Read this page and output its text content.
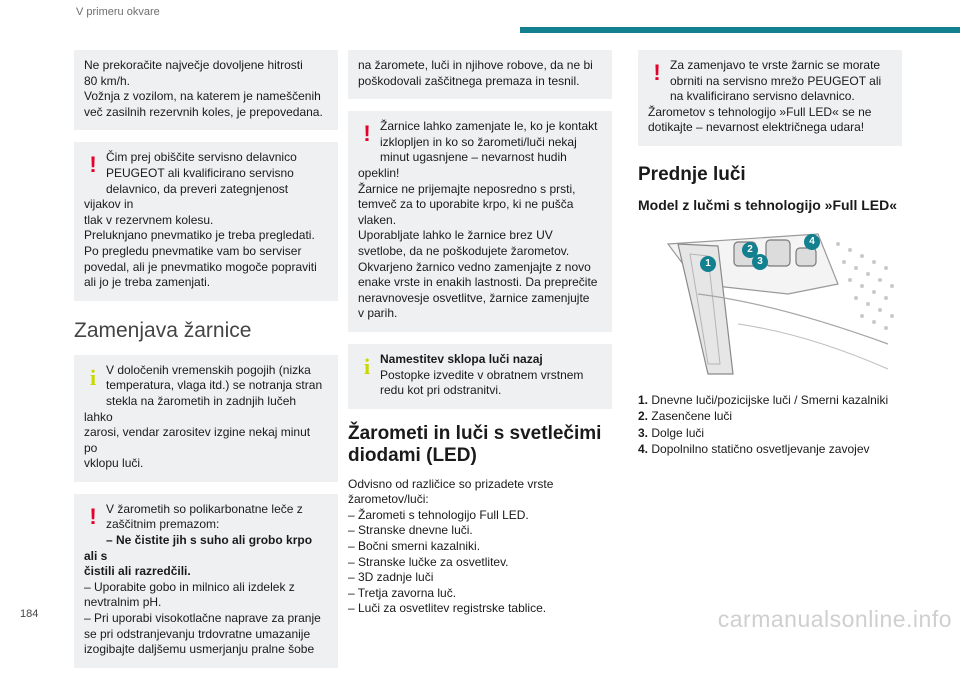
V primeru okvare

Ne prekoračite največje dovoljene hitrosti

80 km/h.

Vožnja z vozilom, na katerem je nameščenih

več zasilnih rezervnih koles, je prepovedana.

! Čim prej obiščite servisno delavnico

PEUGEOT ali kvalificirano servisno

delavnico, da preveri zategnjenost vijakov in

tlak v rezervnem kolesu.

Preluknjano pnevmatiko je treba pregledati.

Po pregledu pnevmatike vam bo serviser

povedal, ali je pnevmatiko mogoče popraviti

ali jo je treba zamenjati.

Zamenjava žarnice
i V določenih vremenskih pogojih (nizka

temperatura, vlaga itd.) se notranja stran

stekla na žarometih in zadnjih lučeh lahko

zarosi, vendar zarositev izgine nekaj minut po

vklopu luči.

! V žarometih so polikarbonatne leče z

zaščitnim premazom:

– Ne čistite jih s suho ali grobo krpo ali s

čistili ali razredčili.

– Uporabite gobo in milnico ali izdelek z

nevtralnim pH.

– Pri uporabi visokotlačne naprave za pranje

se pri odstranjevanju trdovratne umazanije

izogibajte daljšemu usmerjanju pralne šobe

na žaromete, luči in njihove robove, da ne bi

poškodovali zaščitnega premaza in tesnil.

! Žarnice lahko zamenjate le, ko je kontakt

izklopljen in ko so žarometi/luči nekaj

minut ugasnjene – nevarnost hudih opeklin!

Žarnice ne prijemajte neposredno s prsti,

temveč za to uporabite krpo, ki ne pušča

vlaken.

Uporabljate lahko le žarnice brez UV

svetlobe, da ne poškodujete žarometov.

Okvarjeno žarnico vedno zamenjajte z novo

enake vrste in enakih lastnosti. Da preprečite

neravnovesje osvetlitve, žarnice zamenjujte

v parih.

i Namestitev sklopa luči nazaj

Postopke izvedite v obratnem vrstnem

redu kot pri odstranitvi.

Žarometi in luči s svetlečimi diodami (LED)

Odvisno od različice so prizadete vrste

žarometov/luči:

– Žarometi s tehnologijo Full LED.

– Stranske dnevne luči.

– Bočni smerni kazalniki.

– Stranske lučke za osvetlitev.

– 3D zadnje luči

– Tretja zavorna luč.

– Luči za osvetlitev registrske tablice.

! Za zamenjavo te vrste žarnic se morate

obrniti na servisno mrežo PEUGEOT ali

na kvalificirano servisno delavnico.

Žarometov s tehnologijo »Full LED« se ne

dotikajte – nevarnost električnega udara!

Prednje luči
Model z lučmi s tehnologijo »Full LED«
1
2
3
4

1. Dnevne luči/pozicijske luči / Smerni kazalniki

2. Zasenčene luči

3. Dolge luči

4. Dopolnilno statično osvetljevanje zavojev

184	carmanualsonline.info
